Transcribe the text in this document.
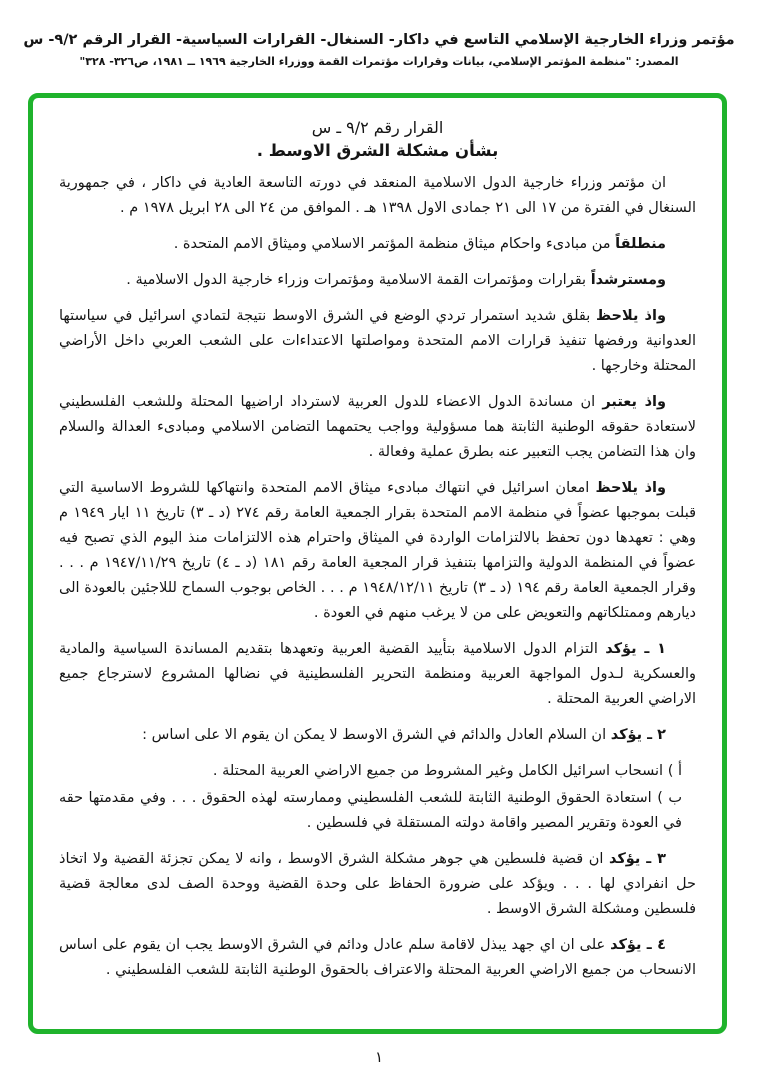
مؤتمر وزراء الخارجية الإسلامي التاسع في داكار- السنغال- القرارات السياسية- القرار الرقم ٩/٢- س
المصدر: "منظمة المؤتمر الإسلامي، بيانات وقرارات مؤتمرات القمة ووزراء الخارجية ١٩٦٩ ــ ١٩٨١، ص٣٢٦- ٣٢٨"
القرار رقم ٩/٢ ـ س
بشأن مشكلة الشرق الاوسط .

ان مؤتمر وزراء خارجية الدول الاسلامية المنعقد في دورته التاسعة العادية في داكار ، في جمهورية السنغال في الفترة من ١٧ الى ٢١ جمادى الاول ١٣٩٨ هـ . الموافق من ٢٤ الى ٢٨ ابريل ١٩٧٨ م .

منطلقاً من مبادىء واحكام ميثاق منظمة المؤتمر الاسلامي وميثاق الامم المتحدة .

ومسترشداً بقرارات ومؤتمرات القمة الاسلامية ومؤتمرات وزراء خارجية الدول الاسلامية .

واذ يلاحظ بقلق شديد استمرار تردي الوضع في الشرق الاوسط نتيجة لتمادي اسرائيل في سياستها العدوانية ورفضها تنفيذ قرارات الامم المتحدة ومواصلتها الاعتداءات على الشعب العربي داخل الأراضي المحتلة وخارجها .

واذ يعتبر ان مساندة الدول الاعضاء للدول العربية لاسترداد اراضيها المحتلة وللشعب الفلسطيني لاستعادة حقوقه الوطنية الثابتة هما مسؤولية وواجب يحتمهما التضامن الاسلامي ومبادىء العدالة والسلام وان هذا التضامن يجب التعبير عنه بطرق عملية وفعالة .

واذ يلاحظ امعان اسرائيل في انتهاك مبادىء ميثاق الامم المتحدة وانتهاكها للشروط الاساسية التي قبلت بموجبها عضواً في منظمة الامم المتحدة بقرار الجمعية العامة رقم ٢٧٤ (د ـ ٣) تاريخ ١١ ايار ١٩٤٩ م وهي : تعهدها دون تحفظ بالالتزامات الواردة في الميثاق واحترام هذه الالتزامات منذ اليوم الذي تصبح فيه عضواً في المنظمة الدولية والتزامها بتنفيذ قرار المجعية العامة رقم ١٨١ (د ـ ٤) تاريخ ١٩٤٧/١١/٢٩ م . . . وقرار الجمعية العامة رقم ١٩٤ (د ـ ٣) تاريخ ١٩٤٨/١٢/١١ م . . . الخاص بوجوب السماح لللاجئين بالعودة الى ديارهم وممتلكاتهم والتعويض على من لا يرغب منهم في العودة .

١ ـ يؤكد التزام الدول الاسلامية بتأييد القضية العربية وتعهدها بتقديم المساندة السياسية والمادية والعسكرية لـدول المواجهة العربية ومنظمة التحرير الفلسطينية في نضالها المشروع لاسترجاع جميع الاراضي العربية المحتلة .

٢ ـ يؤكد ان السلام العادل والدائم في الشرق الاوسط لا يمكن ان يقوم الا على اساس :

أ ) انسحاب اسرائيل الكامل وغير المشروط من جميع الاراضي العربية المحتلة .

ب ) استعادة الحقوق الوطنية الثابتة للشعب الفلسطيني وممارسته لهذه الحقوق . . . وفي مقدمتها حقه في العودة وتقرير المصير واقامة دولته المستقلة في فلسطين .

٣ ـ يؤكد ان قضية فلسطين هي جوهر مشكلة الشرق الاوسط ، وانه لا يمكن تجزئة القضية ولا اتخاذ حل انفرادي لها . . . ويؤكد على ضرورة الحفاظ على وحدة القضية ووحدة الصف لدى معالجة قضية فلسطين ومشكلة الشرق الاوسط .

٤ ـ يؤكد على ان اي جهد يبذل لاقامة سلم عادل ودائم في الشرق الاوسط يجب ان يقوم على اساس الانسحاب من جميع الاراضي العربية المحتلة والاعتراف بالحقوق الوطنية الثابتة للشعب الفلسطيني .

١
